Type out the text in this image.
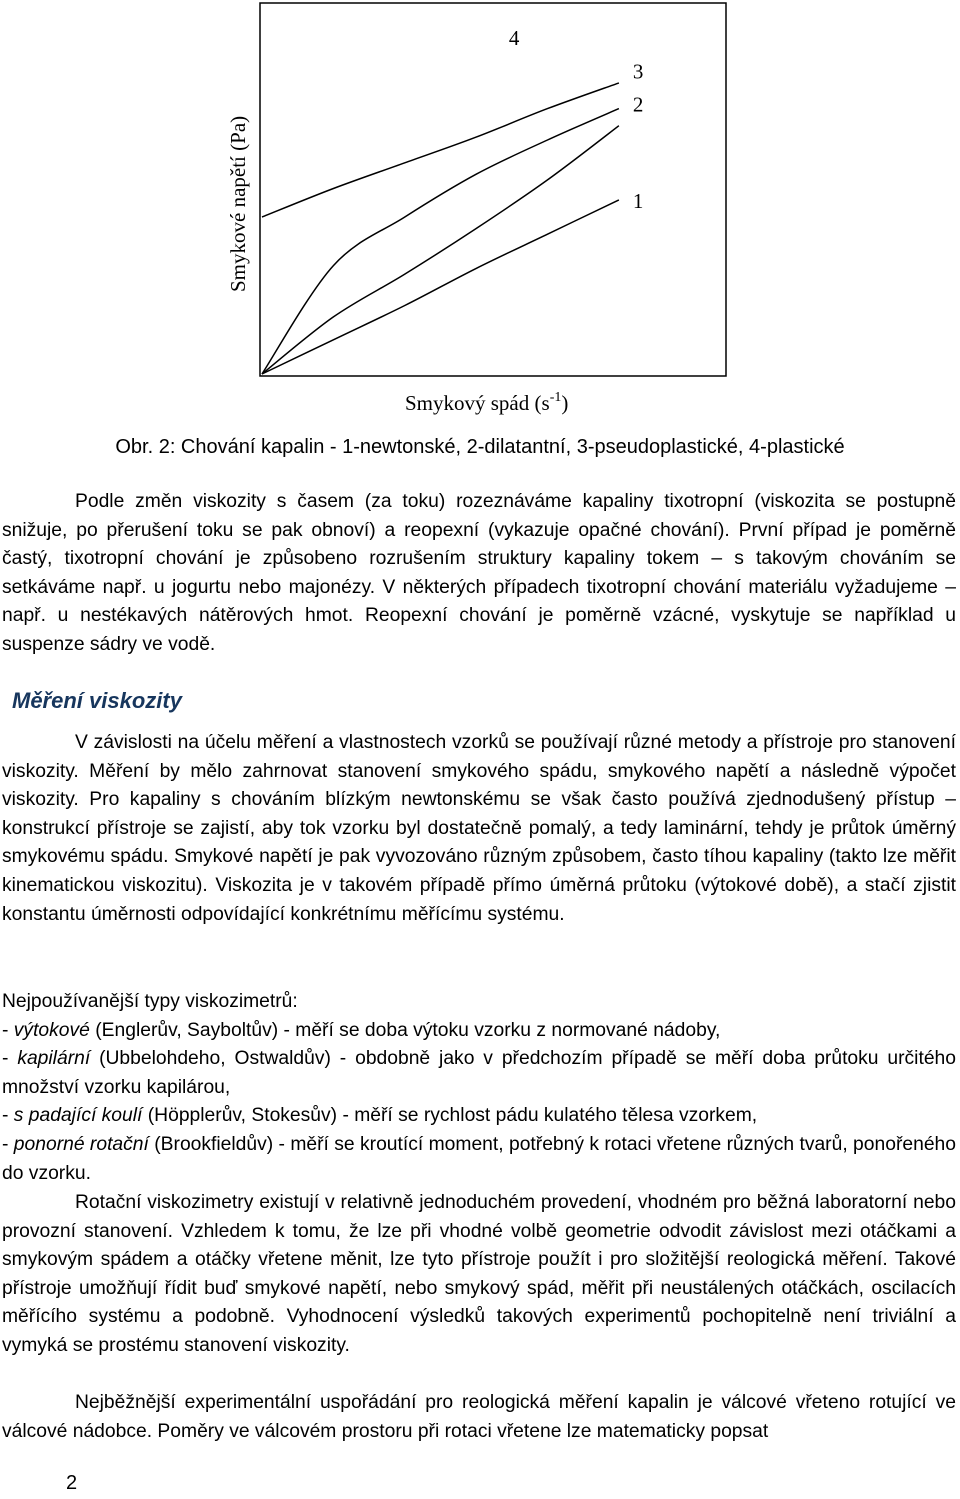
1
2
3
4
Smykové napětí (Pa)
Smykový spád $(s^{-1})$
Obr. 2: Chování kapalin - 1-newtonské, 2-dilatantní, 3-pseudoplastické, 4-plastické

Podle změn viskozity s časem (za toku) rozeznáváme kapaliny tixotropní (viskozita se postupně snižuje, po přerušení toku se pak obnoví) a reopexní (vykazuje opačné chování). První případ je poměrně častý, tixotropní chování je způsobeno rozrušením struktury kapaliny tokem – s takovým chováním se setkáváme např. u jogurtu nebo majonézy. V některých případech tixotropní chování materiálu vyžadujeme – např. u nestékavých nátěrových hmot. Reopexní chování je poměrně vzácné, vyskytuje se například u suspenze sádry ve vodě.

Měření viskozity

V závislosti na účelu měření a vlastnostech vzorků se používají různé metody a přístroje pro stanovení viskozity. Měření by mělo zahrnovat stanovení smykového spádu, smykového napětí a následně výpočet viskozity. Pro kapaliny s chováním blízkým newtonskému se však často používá zjednodušený přístup – konstrukcí přístroje se zajistí, aby tok vzorku byl dostatečně pomalý, a tedy laminární, tehdy je průtok úměrný smykovému spádu. Smykové napětí je pak vyvozováno různým způsobem, často tíhou kapaliny (takto lze měřit kinematickou viskozitu). Viskozita je v takovém případě přímo úměrná průtoku (výtokové době), a stačí zjistit konstantu úměrnosti odpovídající konkrétnímu měřícímu systému.

Nejpoužívanější typy viskozimetrů:

- výtokové (Englerův, Sayboltův) - měří se doba výtoku vzorku z normované nádoby,

- kapilární (Ubbelohdeho, Ostwaldův) - obdobně jako v předchozím případě se měří doba průtoku určitého množství vzorku kapilárou,

- s padající koulí (Höpplerův, Stokesův) - měří se rychlost pádu kulatého tělesa vzorkem,

- ponorné rotační (Brookfieldův) - měří se kroutící moment, potřebný k rotaci vřetene různých tvarů, ponořeného do vzorku.

Rotační viskozimetry existují v relativně jednoduchém provedení, vhodném pro běžná laboratorní nebo provozní stanovení. Vzhledem k tomu, že lze při vhodné volbě geometrie odvodit závislost mezi otáčkami a smykovým spádem a otáčky vřetene měnit, lze tyto přístroje použít i pro složitější reologická měření. Takové přístroje umožňují řídit buď smykové napětí, nebo smykový spád, měřit při neustálených otáčkách, oscilacích měřícího systému a podobně. Vyhodnocení výsledků takových experimentů pochopitelně není triviální a vymyká se prostému stanovení viskozity.

Nejběžnější experimentální uspořádání pro reologická měření kapalin je válcové vřeteno rotující ve válcové nádobce. Poměry ve válcovém prostoru při rotaci vřetene lze matematicky popsat

2
